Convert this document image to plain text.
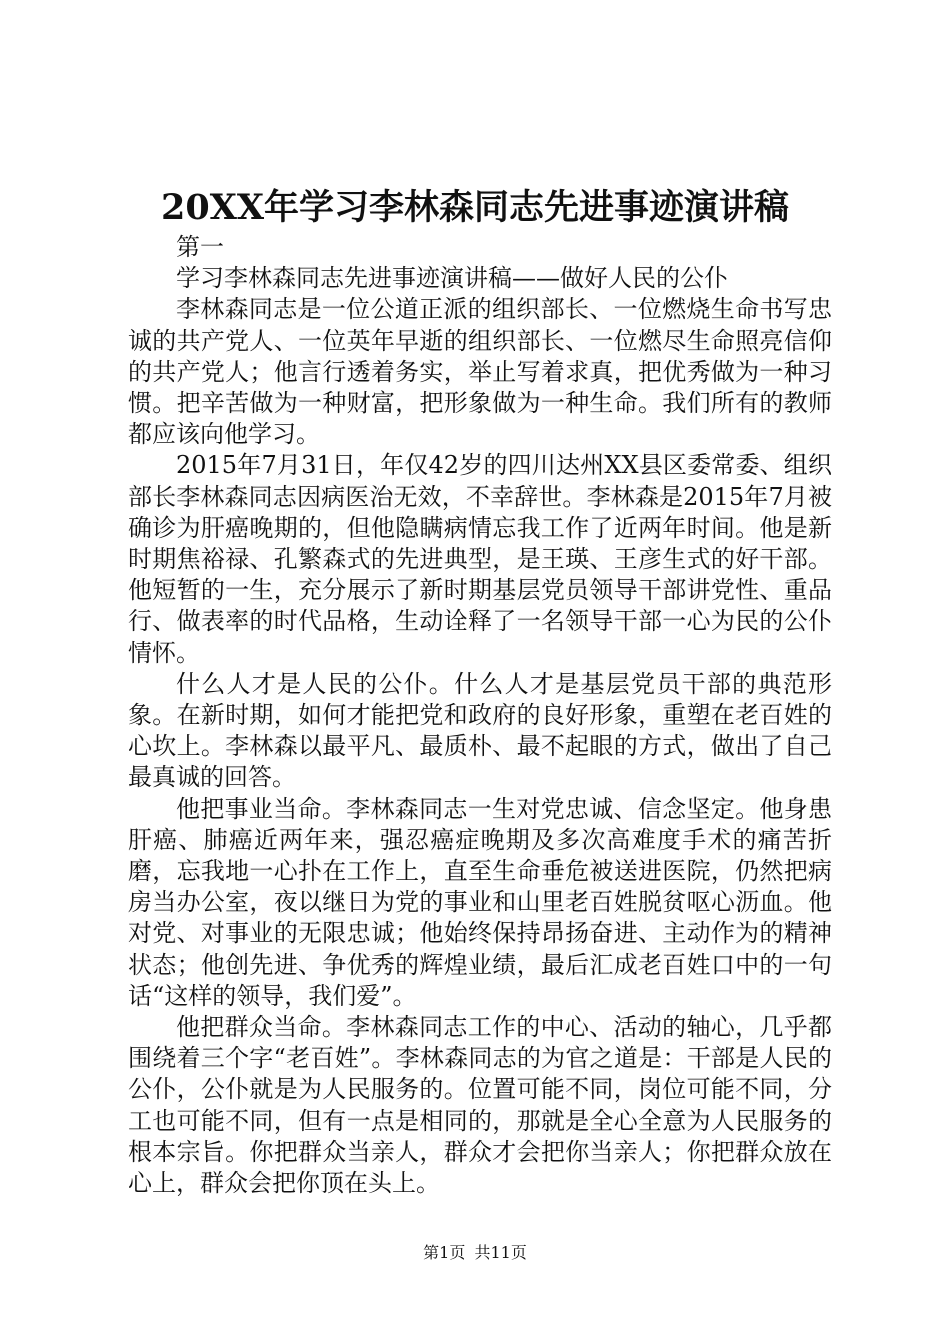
20XX年学习李林森同志先进事迹演讲稿

第一

学习李林森同志先进事迹演讲稿——做好人民的公仆

李林森同志是一位公道正派的组织部长、一位燃烧生命书写忠诚的共产党人、一位英年早逝的组织部长、一位燃尽生命照亮信仰的共产党人；他言行透着务实，举止写着求真，把优秀做为一种习惯。把辛苦做为一种财富，把形象做为一种生命。我们所有的教师都应该向他学习。

2015年7月31日，年仅42岁的四川达州XX县区委常委、组织部长李林森同志因病医治无效，不幸辞世。李林森是2015年7月被确诊为肝癌晚期的，但他隐瞒病情忘我工作了近两年时间。他是新时期焦裕禄、孔繁森式的先进典型，是王瑛、王彦生式的好干部。他短暂的一生，充分展示了新时期基层党员领导干部讲党性、重品行、做表率的时代品格，生动诠释了一名领导干部一心为民的公仆情怀。

什么人才是人民的公仆。什么人才是基层党员干部的典范形象。在新时期，如何才能把党和政府的良好形象，重塑在老百姓的心坎上。李林森以最平凡、最质朴、最不起眼的方式，做出了自己最真诚的回答。

他把事业当命。李林森同志一生对党忠诚、信念坚定。他身患肝癌、肺癌近两年来，强忍癌症晚期及多次高难度手术的痛苦折磨，忘我地一心扑在工作上，直至生命垂危被送进医院，仍然把病房当办公室，夜以继日为党的事业和山里老百姓脱贫呕心沥血。他对党、对事业的无限忠诚；他始终保持昂扬奋进、主动作为的精神状态；他创先进、争优秀的辉煌业绩，最后汇成老百姓口中的一句话“这样的领导，我们爱”。

他把群众当命。李林森同志工作的中心、活动的轴心，几乎都围绕着三个字“老百姓”。李林森同志的为官之道是：干部是人民的公仆，公仆就是为人民服务的。位置可能不同，岗位可能不同，分工也可能不同，但有一点是相同的，那就是全心全意为人民服务的根本宗旨。你把群众当亲人，群众才会把你当亲人；你把群众放在心上，群众会把你顶在头上。

第1页 共11页
